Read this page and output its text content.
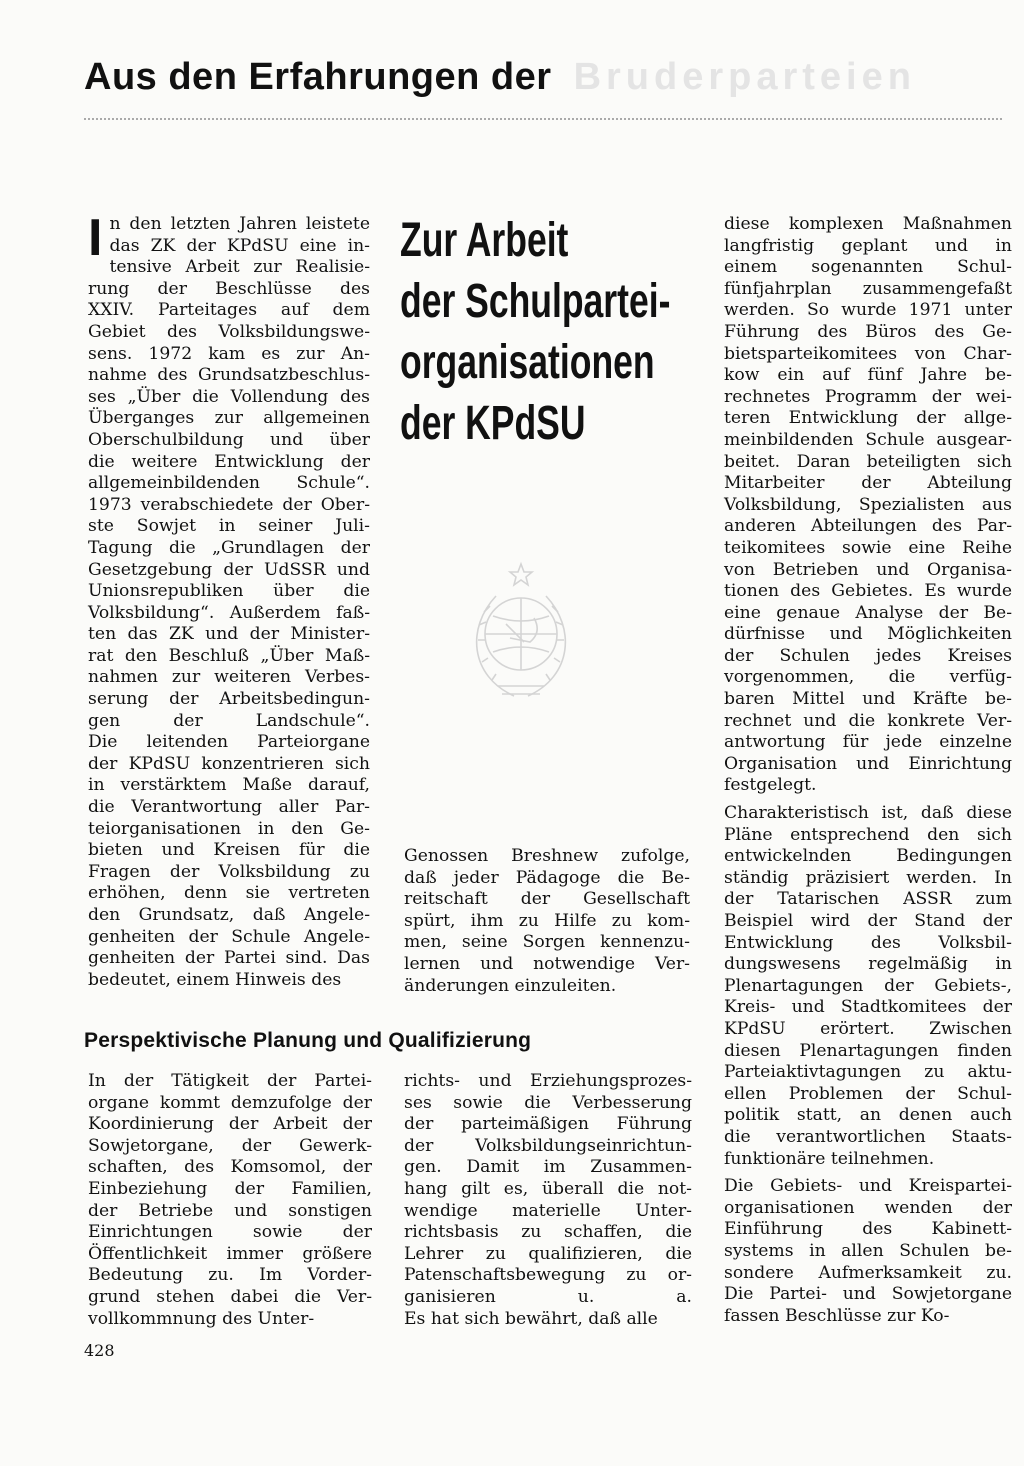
Aus den Erfahrungen der Bruderparteien
I n den letzten Jahren leistete
das ZK der KPdSU eine in-
tensive Arbeit zur Realisie-
rung der Beschlüsse des
XXIV. Parteitages auf dem
Gebiet des Volksbildungswe-
sens. 1972 kam es zur An-
nahme des Grundsatzbeschlus-
ses „Über die Vollendung des
Überganges zur allgemeinen
Oberschulbildung und über
die weitere Entwicklung der
allgemeinbildenden Schule“.
1973 verabschiedete der Ober-
ste Sowjet in seiner Juli-
Tagung die „Grundlagen der
Gesetzgebung der UdSSR und
Unionsrepubliken über die
Volksbildung“. Außerdem faß-
ten das ZK und der Minister-
rat den Beschluß „Über Maß-
nahmen zur weiteren Verbes-
serung der Arbeitsbedingun-
gen der Landschule“.
Die leitenden Parteiorgane
der KPdSU konzentrieren sich
in verstärktem Maße darauf,
die Verantwortung aller Par-
teiorganisationen in den Ge-
bieten und Kreisen für die
Fragen der Volksbildung zu
erhöhen, denn sie vertreten
den Grundsatz, daß Angele-
genheiten der Schule Angele-
genheiten der Partei sind. Das
bedeutet, einem Hinweis des
Zur Arbeit
der Schulpartei-
organisationen
der KPdSU
Genossen Breshnew zufolge,
daß jeder Pädagoge die Be-
reitschaft der Gesellschaft
spürt, ihm zu Hilfe zu kom-
men, seine Sorgen kennenzu-
lernen und notwendige Ver-
änderungen einzuleiten.
Perspektivische Planung und Qualifizierung
In der Tätigkeit der Partei-
organe kommt demzufolge der
Koordinierung der Arbeit der
Sowjetorgane, der Gewerk-
schaften, des Komsomol, der
Einbeziehung der Familien,
der Betriebe und sonstigen
Einrichtungen sowie der
Öffentlichkeit immer größere
Bedeutung zu. Im Vorder-
grund stehen dabei die Ver-
vollkommnung des Unter-
richts- und Erziehungsprozes-
ses sowie die Verbesserung
der parteimäßigen Führung
der Volksbildungseinrichtun-
gen. Damit im Zusammen-
hang gilt es, überall die not-
wendige materielle Unter-
richtsbasis zu schaffen, die
Lehrer zu qualifizieren, die
Patenschaftsbewegung zu or-
ganisieren u. a.
Es hat sich bewährt, daß alle

diese komplexen Maßnahmen
langfristig geplant und in
einem sogenannten Schul-
fünfjahrplan zusammengefaßt
werden. So wurde 1971 unter
Führung des Büros des Ge-
bietsparteikomitees von Char-
kow ein auf fünf Jahre be-
rechnetes Programm der wei-
teren Entwicklung der allge-
meinbildenden Schule ausgear-
beitet. Daran beteiligten sich
Mitarbeiter der Abteilung
Volksbildung, Spezialisten aus
anderen Abteilungen des Par-
teikomitees sowie eine Reihe
von Betrieben und Organisa-
tionen des Gebietes. Es wurde
eine genaue Analyse der Be-
dürfnisse und Möglichkeiten
der Schulen jedes Kreises
vorgenommen, die verfüg-
baren Mittel und Kräfte be-
rechnet und die konkrete Ver-
antwortung für jede einzelne
Organisation und Einrichtung
festgelegt.

Charakteristisch ist, daß diese
Pläne entsprechend den sich
entwickelnden Bedingungen
ständig präzisiert werden. In
der Tatarischen ASSR zum
Beispiel wird der Stand der
Entwicklung des Volksbil-
dungswesens regelmäßig in
Plenartagungen der Gebiets-,
Kreis- und Stadtkomitees der
KPdSU erörtert. Zwischen
diesen Plenartagungen finden
Parteiaktivtagungen zu aktu-
ellen Problemen der Schul-
politik statt, an denen auch
die verantwortlichen Staats-
funktionäre teilnehmen.

Die Gebiets- und Kreispartei-
organisationen wenden der
Einführung des Kabinett-
systems in allen Schulen be-
sondere Aufmerksamkeit zu.
Die Partei- und Sowjetorgane
fassen Beschlüsse zur Ko-

428
